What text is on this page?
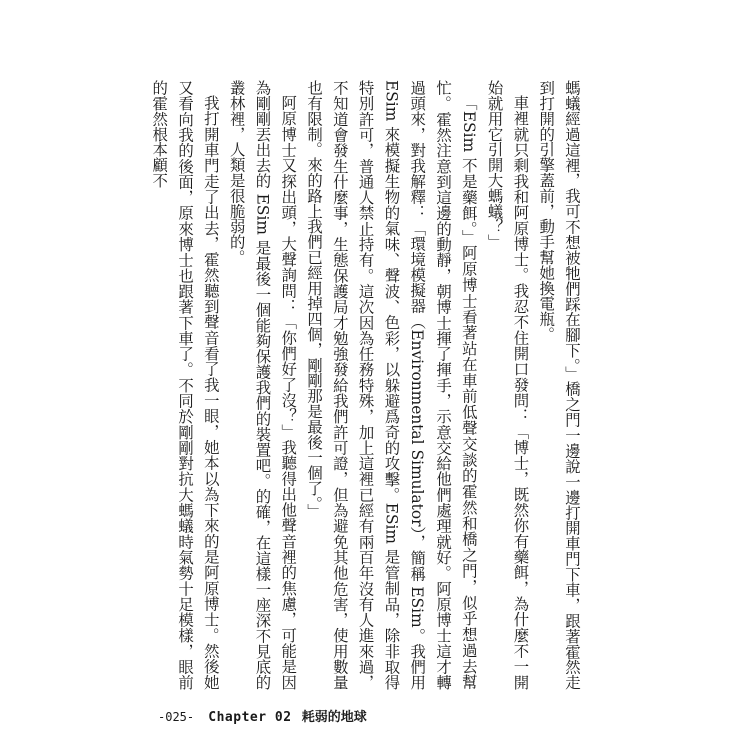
螞蟻經過這裡，我可不想被牠們踩在腳下。」橋之門一邊說一邊打開車門下車，跟著霍然走到打開的引擎蓋前，動手幫她換電瓶。

車裡就只剩我和阿原博士。我忍不住開口發問：「博士，既然你有藥餌，為什麼不一開始就用它引開大螞蟻？」

「ESim 不是藥餌。」阿原博士看著站在車前低聲交談的霍然和橋之門，似乎想過去幫忙。霍然注意到這邊的動靜，朝博士揮了揮手，示意交給他們處理就好。阿原博士這才轉過頭來，對我解釋：「環境模擬器（Environmental Simulator），簡稱 ESim。我們用 ESim 來模擬生物的氣味、聲波、色彩，以躲避爲奇的攻擊。ESim 是管制品，除非取得特別許可，普通人禁止持有。這次因為任務特殊，加上這裡已經有兩百年沒有人進來過，不知道會發生什麼事，生態保護局才勉強發給我們許可證，但為避免其他危害，使用數量也有限制。來的路上我們已經用掉四個，剛剛那是最後一個了。」

阿原博士又探出頭，大聲詢問：「你們好了沒？」我聽得出他聲音裡的焦慮，可能是因為剛剛丟出去的 ESim 是最後一個能夠保護我們的裝置吧。的確，在這樣一座深不見底的叢林裡，人類是很脆弱的。

我打開車門走了出去，霍然聽到聲音看了我一眼，她本以為下來的是阿原博士。然後她又看向我的後面，原來博士也跟著下車了。不同於剛剛對抗大螞蟻時氣勢十足模樣，眼前的霍然根本顧不

-025- Chapter 02 耗弱的地球
